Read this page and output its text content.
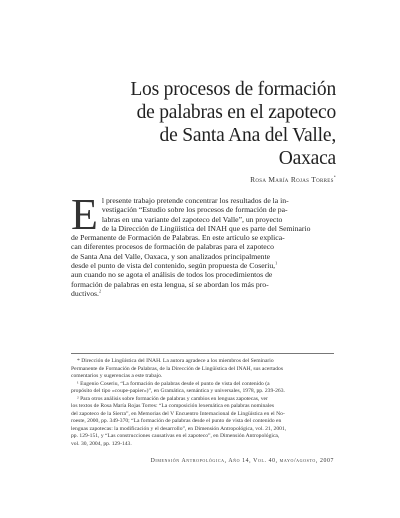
Los procesos de formación
de palabras en el zapoteco
de Santa Ana del Valle,
Oaxaca
Rosa María Rojas Torres*
E l presente trabajo pretende concentrar los resultados de la in-
vestigación “Estudio sobre los procesos de formación de pa-
labras en una variante del zapoteco del Valle”, un proyecto
de la Dirección de Lingüística del INAH que es parte del Seminario
de Permanente de Formación de Palabras. En este artículo se explica-
can diferentes procesos de formación de palabras para el zapoteco
de Santa Ana del Valle, Oaxaca, y son analizados principalmente
desde el punto de vista del contenido, según propuesta de Coseriu,$^1$
aun cuando no se agota el análisis de todos los procedimientos de
formación de palabras en esta lengua, sí se abordan los más pro-
ductivos.$^2$
* Dirección de Lingüística del INAH. La autora agradece a los miembros del Seminario
Permanente de Formación de Palabras, de la Dirección de Lingüística del INAH, sus acertados
comentarios y sugerencias a este trabajo.
¹ Eugenio Coseriu, “La formación de palabras desde el punto de vista del contenido (a
propósito del tipo «coupe-papier»)”, en Gramática, semántica y universales, 1978, pp. 239-263.
² Para otros análisis sobre formación de palabras y cambios en lenguas zapotecas, ver
los textos de Rosa María Rojas Torres: “La composición lexemática en palabras nominales
del zapoteco de la Sierra”, en Memorias del V Encuentro Internacional de Lingüística en el No-
roeste, 2000, pp. 349-370; “La formación de palabras desde el punto de vista del contenido en
lenguas zapotecas: la modificación y el desarrollo”, en Dimensión Antropológica, vol. 21, 2001,
pp. 129-151, y “Las construcciones causativas en el zapoteco”, en Dimensión Antropológica,
vol. 30, 2004, pp. 129-143.
Dimensión Antropológica, Año 14, Vol. 40, mayo/agosto, 2007
